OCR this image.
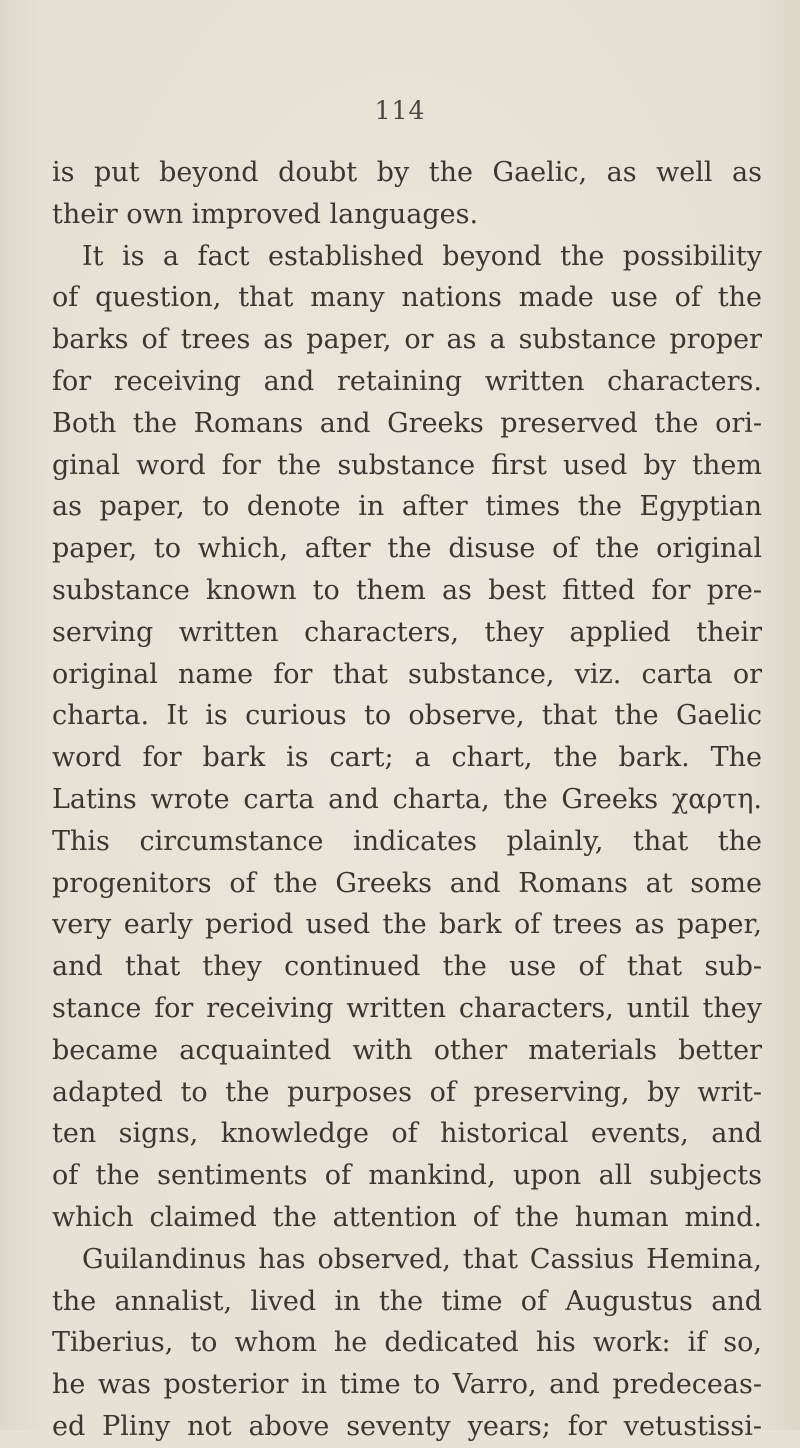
114
is put beyond doubt by the Gaelic, as well as
their own improved languages.
It is a fact established beyond the possibility
of question, that many nations made use of the
barks of trees as paper, or as a substance proper
for receiving and retaining written characters.
Both the Romans and Greeks preserved the ori-
ginal word for the substance first used by them
as paper, to denote in after times the Egyptian
paper, to which, after the disuse of the original
substance known to them as best fitted for pre-
serving written characters, they applied their
original name for that substance, viz. carta or
charta. It is curious to observe, that the Gaelic
word for bark is cart; a chart, the bark. The
Latins wrote carta and charta, the Greeks χαρτη.
This circumstance indicates plainly, that the
progenitors of the Greeks and Romans at some
very early period used the bark of trees as paper,
and that they continued the use of that sub-
stance for receiving written characters, until they
became acquainted with other materials better
adapted to the purposes of preserving, by writ-
ten signs, knowledge of historical events, and
of the sentiments of mankind, upon all subjects
which claimed the attention of the human mind.
Guilandinus has observed, that Cassius Hemina,
the annalist, lived in the time of Augustus and
Tiberius, to whom he dedicated his work: if so,
he was posterior in time to Varro, and predeceas-
ed Pliny not above seventy years; for vetustissi-
